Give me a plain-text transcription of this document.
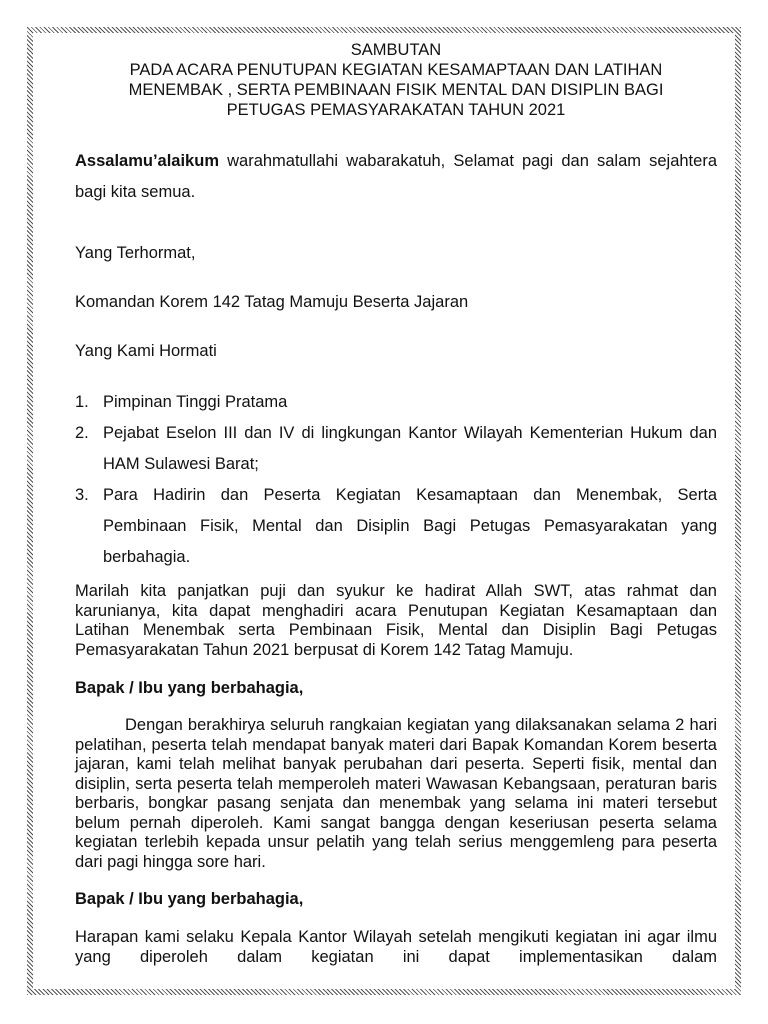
SAMBUTAN
PADA ACARA PENUTUPAN KEGIATAN KESAMAPTAAN DAN LATIHAN
MENEMBAK , SERTA PEMBINAAN FISIK MENTAL DAN DISIPLIN BAGI
PETUGAS PEMASYARAKATAN TAHUN 2021

Assalamu’alaikum warahmatullahi wabarakatuh, Selamat pagi dan salam sejahtera bagi kita semua.

Yang Terhormat,

Komandan Korem 142 Tatag Mamuju Beserta Jajaran

Yang Kami Hormati

1. Pimpinan Tinggi Pratama
2. Pejabat Eselon III dan IV di lingkungan Kantor Wilayah Kementerian Hukum dan HAM Sulawesi Barat;
3. Para Hadirin dan Peserta Kegiatan Kesamaptaan dan Menembak, Serta Pembinaan Fisik, Mental dan Disiplin Bagi Petugas Pemasyarakatan yang berbahagia.

Marilah kita panjatkan puji dan syukur ke hadirat Allah SWT, atas rahmat dan karunianya, kita dapat menghadiri acara Penutupan Kegiatan Kesamaptaan dan Latihan Menembak serta Pembinaan Fisik, Mental dan Disiplin Bagi Petugas Pemasyarakatan Tahun 2021 berpusat di Korem 142 Tatag Mamuju.

Bapak / Ibu yang berbahagia,

Dengan berakhirya seluruh rangkaian kegiatan yang dilaksanakan selama 2 hari pelatihan, peserta telah mendapat banyak materi dari Bapak Komandan Korem beserta jajaran, kami telah melihat banyak perubahan dari peserta. Seperti fisik, mental dan disiplin, serta peserta telah memperoleh materi Wawasan Kebangsaan, peraturan baris berbaris, bongkar pasang senjata dan menembak yang selama ini materi tersebut belum pernah diperoleh. Kami sangat bangga dengan keseriusan peserta selama kegiatan terlebih kepada unsur pelatih yang telah serius menggemleng para peserta dari pagi hingga sore hari.

Bapak / Ibu yang berbahagia,

Harapan kami selaku Kepala Kantor Wilayah setelah mengikuti kegiatan ini agar ilmu yang diperoleh dalam kegiatan ini dapat implementasikan dalam
